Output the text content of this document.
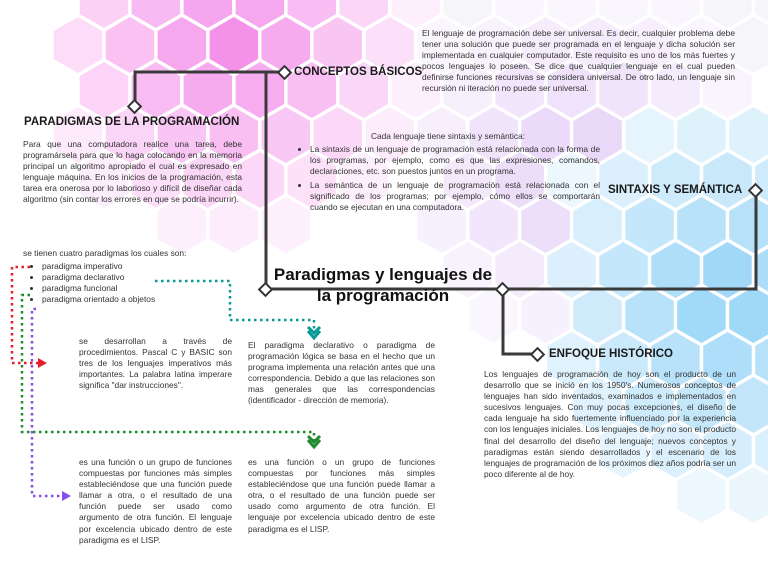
PARADIGMAS DE LA PROGRAMACIÓN
CONCEPTOS BÁSICOS
SINTAXIS Y SEMÁNTICA
ENFOQUE HISTÓRICO
Paradigmas y lenguajes de la programación
Para que una computadora realice una tarea, debe programársela para que lo haga colocando en la memoria principal un algoritmo apropiado el cual es expresado en lenguaje máquina. En los inicios de la programación, esta tarea era onerosa por lo laborioso y difícil de diseñar cada algoritmo (sin contar los errores en que se podría incurrir).
se tienen cuatro paradigmas los cuales son:
• paradigma imperativo
• paradigma declarativo
• paradigma funcional
• paradigma orientado a objetos
El lenguaje de programación debe ser universal. Es decir, cualquier problema debe tener una solución que puede ser programada en el lenguaje y dicha solución ser implementada en cualquier computador. Este requisito es uno de los más fuertes y pocos lenguajes lo poseen. Se dice que cualquier lenguaje en el cual pueden definirse funciones recursivas se considera universal. De otro lado, un lenguaje sin recursión ni iteración no puede ser universal.
Cada lenguaje tiene sintaxis y semántica:
• La sintaxis de un lenguaje de programación está relacionada con la forma de los programas, por ejemplo, como es que las expresiones, comandos, declaraciones, etc. son puestos juntos en un programa.
• La semántica de un lenguaje de programación está relacionada con el significado de los programas; por ejemplo, cómo ellos se comportarán cuando se ejecutan en una computadora.
Los lenguajes de programación de hoy son el producto de un desarrollo que se inició en los 1950's. Numerosos conceptos de lenguajes han sido inventados, examinados e implementados en sucesivos lenguajes. Con muy pocas excepciones, el diseño de cada lenguaje ha sido fuertemente influenciado por la experiencia con los lenguajes iniciales. Los lenguajes de hoy no son el producto final del desarrollo del diseño del lenguaje; nuevos conceptos y paradigmas están siendo desarrollados y el escenario de los lenguajes de programación de los próximos diez años podría ser un poco diferente al de hoy.
se desarrollan a través de procedimientos. Pascal C y BASIC son tres de los lenguajes imperativos más importantes. La palabra latina imperare significa "dar instrucciones".
El paradigma declarativo o paradigma de programación lógica se basa en el hecho que un programa implementa una relación antes que una correspondencia. Debido a que las relaciones son mas generales que las correspondencias (identificador - dirección de memoria).
es una función o un grupo de funciones compuestas por funciones más simples estableciéndose que una función puede llamar a otra, o el resultado de una función puede ser usado como argumento de otra función. El lenguaje por excelencia ubicado dentro de este paradigma es el LISP.
es una función o un grupo de funciones compuestas por funciones más simples estableciéndose que una función puede llamar a otra, o el resultado de una función puede ser usado como argumento de otra función. El lenguaje por excelencia ubicado dentro de este paradigma es el LISP.
